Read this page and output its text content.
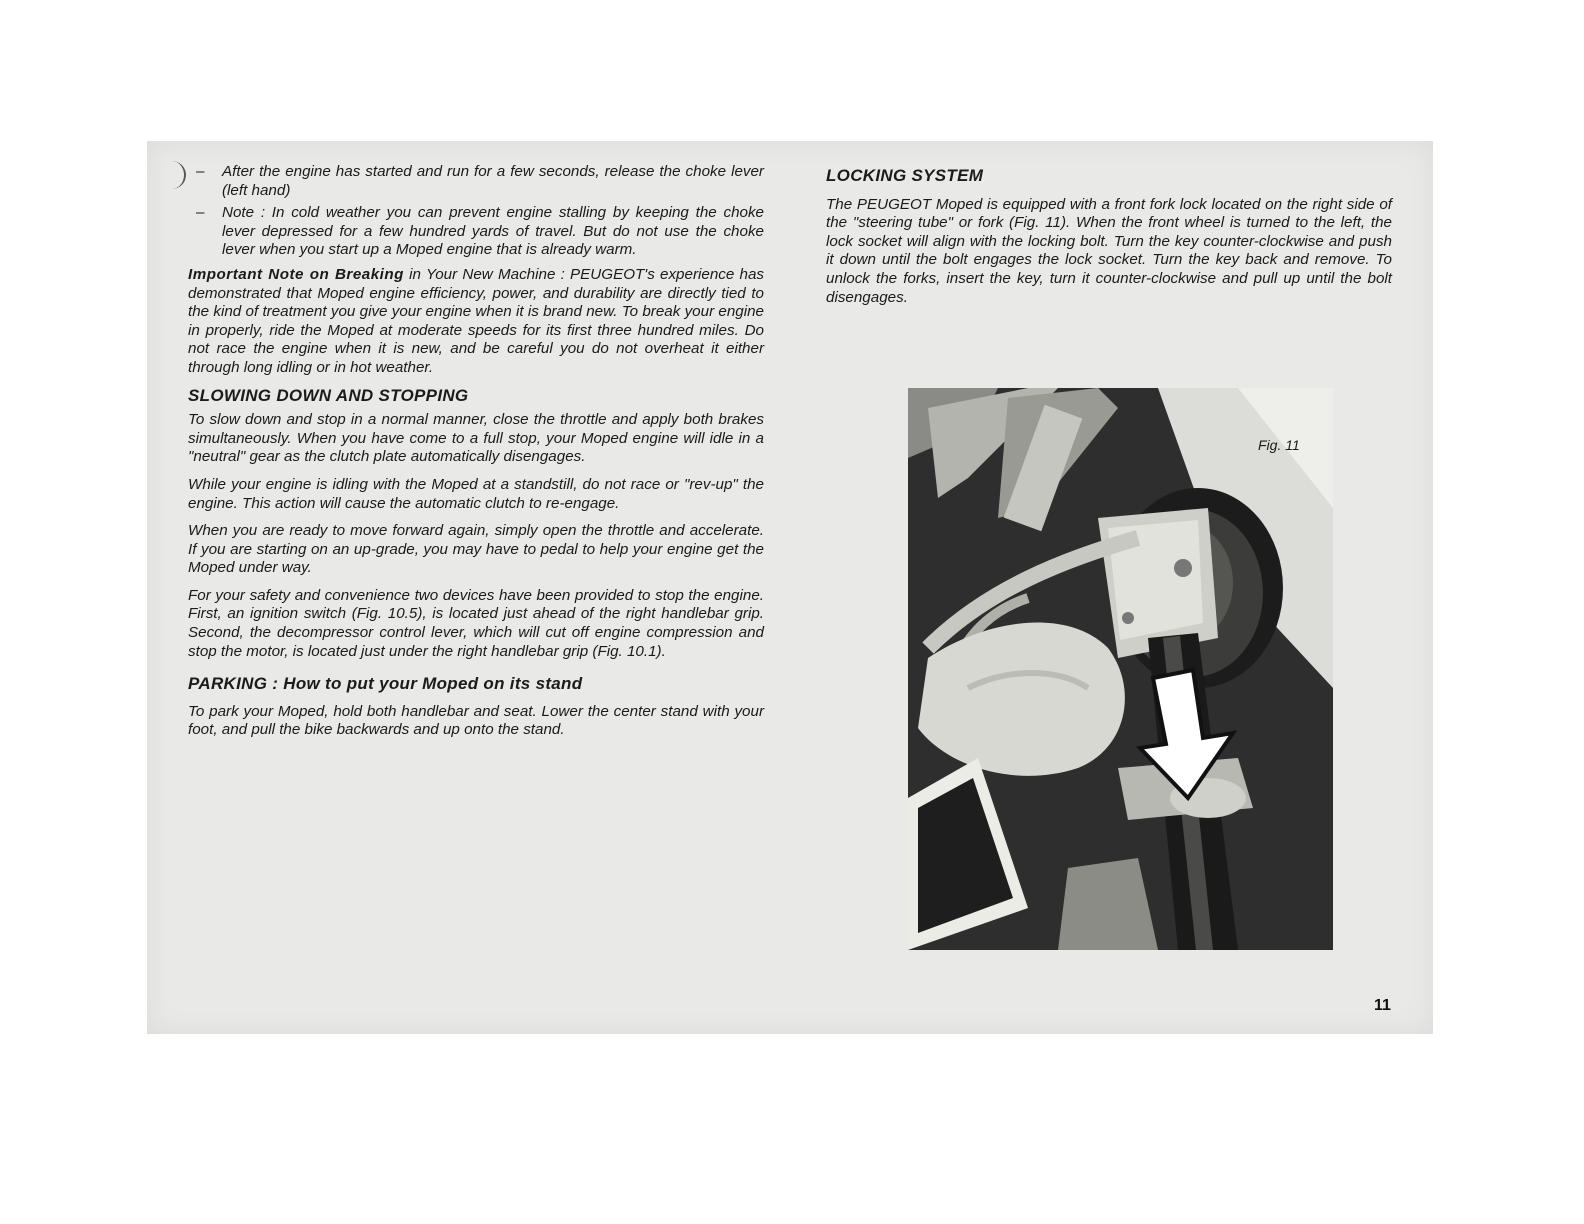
–	After the engine has started and run for a few seconds, release the choke lever (left hand)
–	Note : In cold weather you can prevent engine stalling by keeping the choke lever depressed for a few hundred yards of travel. But do not use the choke lever when you start up a Moped engine that is already warm.

Important Note on Breaking in Your New Machine : PEUGEOT's experience has demonstrated that Moped engine efficiency, power, and durability are directly tied to the kind of treatment you give your engine when it is brand new. To break your engine in properly, ride the Moped at moderate speeds for its first three hundred miles. Do not race the engine when it is new, and be careful you do not overheat it either through long idling or in hot weather.

SLOWING DOWN AND STOPPING

To slow down and stop in a normal manner, close the throttle and apply both brakes simultaneously. When you have come to a full stop, your Moped engine will idle in a "neutral" gear as the clutch plate automatically disengages.

While your engine is idling with the Moped at a standstill, do not race or "rev-up" the engine. This action will cause the automatic clutch to re-engage.

When you are ready to move forward again, simply open the throttle and accelerate. If you are starting on an up-grade, you may have to pedal to help your engine get the Moped under way.

For your safety and convenience two devices have been provided to stop the engine. First, an ignition switch (Fig. 10.5), is located just ahead of the right handlebar grip. Second, the decompressor control lever, which will cut off engine compression and stop the motor, is located just under the right handlebar grip (Fig. 10.1).

PARKING : How to put your Moped on its stand

To park your Moped, hold both handlebar and seat. Lower the center stand with your foot, and pull the bike backwards and up onto the stand.

LOCKING SYSTEM

The PEUGEOT Moped is equipped with a front fork lock located on the right side of the "steering tube" or fork (Fig. 11). When the front wheel is turned to the left, the lock socket will align with the locking bolt. Turn the key counter-clockwise and push it down until the bolt engages the lock socket. Turn the key back and remove. To unlock the forks, insert the key, turn it counter-clockwise and pull up until the bolt disengages.

Fig. 11
11
